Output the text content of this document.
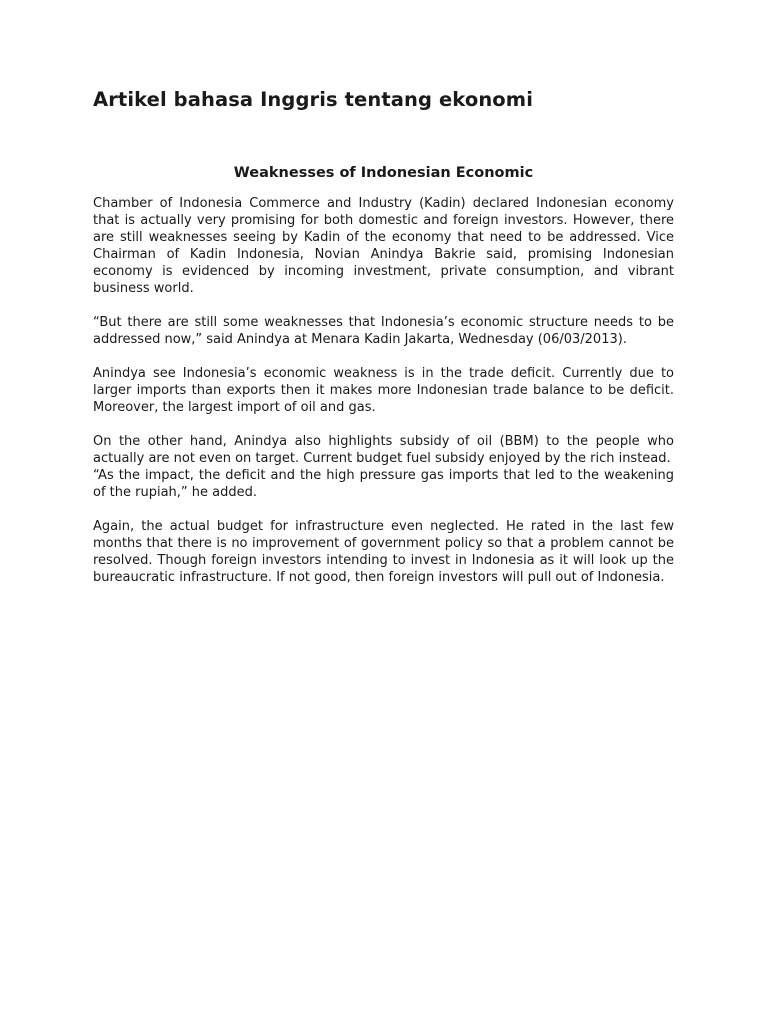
Artikel bahasa Inggris tentang ekonomi
Weaknesses of Indonesian Economic

Chamber of Indonesia Commerce and Industry (Kadin) declared Indonesian economy that is actually very promising for both domestic and foreign investors. However, there are still weaknesses seeing by Kadin of the economy that need to be addressed. Vice Chairman of Kadin Indonesia, Novian Anindya Bakrie said, promising Indonesian economy is evidenced by incoming investment, private consumption, and vibrant business world.

“But there are still some weaknesses that Indonesia’s economic structure needs to be addressed now,” said Anindya at Menara Kadin Jakarta, Wednesday (06/03/2013).

Anindya see Indonesia’s economic weakness is in the trade deficit. Currently due to larger imports than exports then it makes more Indonesian trade balance to be deficit. Moreover, the largest import of oil and gas.

On the other hand, Anindya also highlights subsidy of oil (BBM) to the people who actually are not even on target. Current budget fuel subsidy enjoyed by the rich instead.

“As the impact, the deficit and the high pressure gas imports that led to the weakening of the rupiah,” he added.

Again, the actual budget for infrastructure even neglected. He rated in the last few months that there is no improvement of government policy so that a problem cannot be resolved. Though foreign investors intending to invest in Indonesia as it will look up the bureaucratic infrastructure. If not good, then foreign investors will pull out of Indonesia.
